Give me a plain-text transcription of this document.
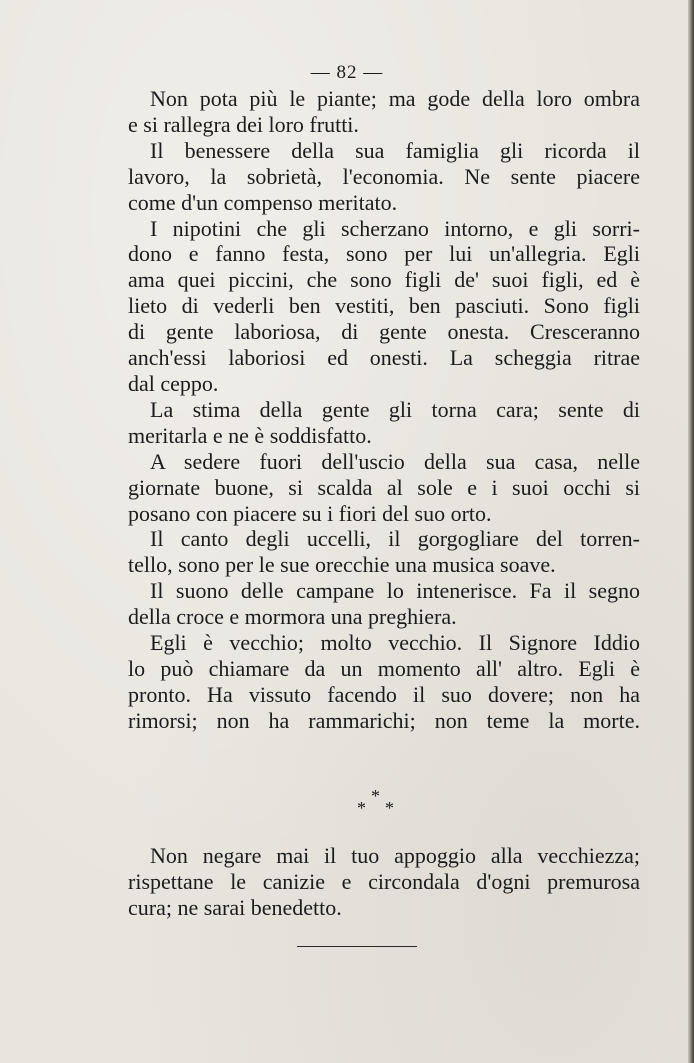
— 82 —
Non pota più le piante; ma gode della loro ombra
e si rallegra dei loro frutti.
Il benessere della sua famiglia gli ricorda il
lavoro, la sobrietà, l'economia. Ne sente piacere
come d'un compenso meritato.
I nipotini che gli scherzano intorno, e gli sorri-
dono e fanno festa, sono per lui un'allegria. Egli
ama quei piccini, che sono figli de' suoi figli, ed è
lieto di vederli ben vestiti, ben pasciuti. Sono figli
di gente laboriosa, di gente onesta. Cresceranno
anch'essi laboriosi ed onesti. La scheggia ritrae
dal ceppo.
La stima della gente gli torna cara; sente di
meritarla e ne è soddisfatto.
A sedere fuori dell'uscio della sua casa, nelle
giornate buone, si scalda al sole e i suoi occhi si
posano con piacere su i fiori del suo orto.
Il canto degli uccelli, il gorgogliare del torren-
tello, sono per le sue orecchie una musica soave.
Il suono delle campane lo intenerisce. Fa il segno
della croce e mormora una preghiera.
Egli è vecchio; molto vecchio. Il Signore Iddio
lo può chiamare da un momento all' altro. Egli è
pronto. Ha vissuto facendo il suo dovere; non ha
rimorsi; non ha rammarichi; non teme la morte.
*
* *
Non negare mai il tuo appoggio alla vecchiezza;
rispettane le canizie e circondala d'ogni premurosa
cura; ne sarai benedetto.
